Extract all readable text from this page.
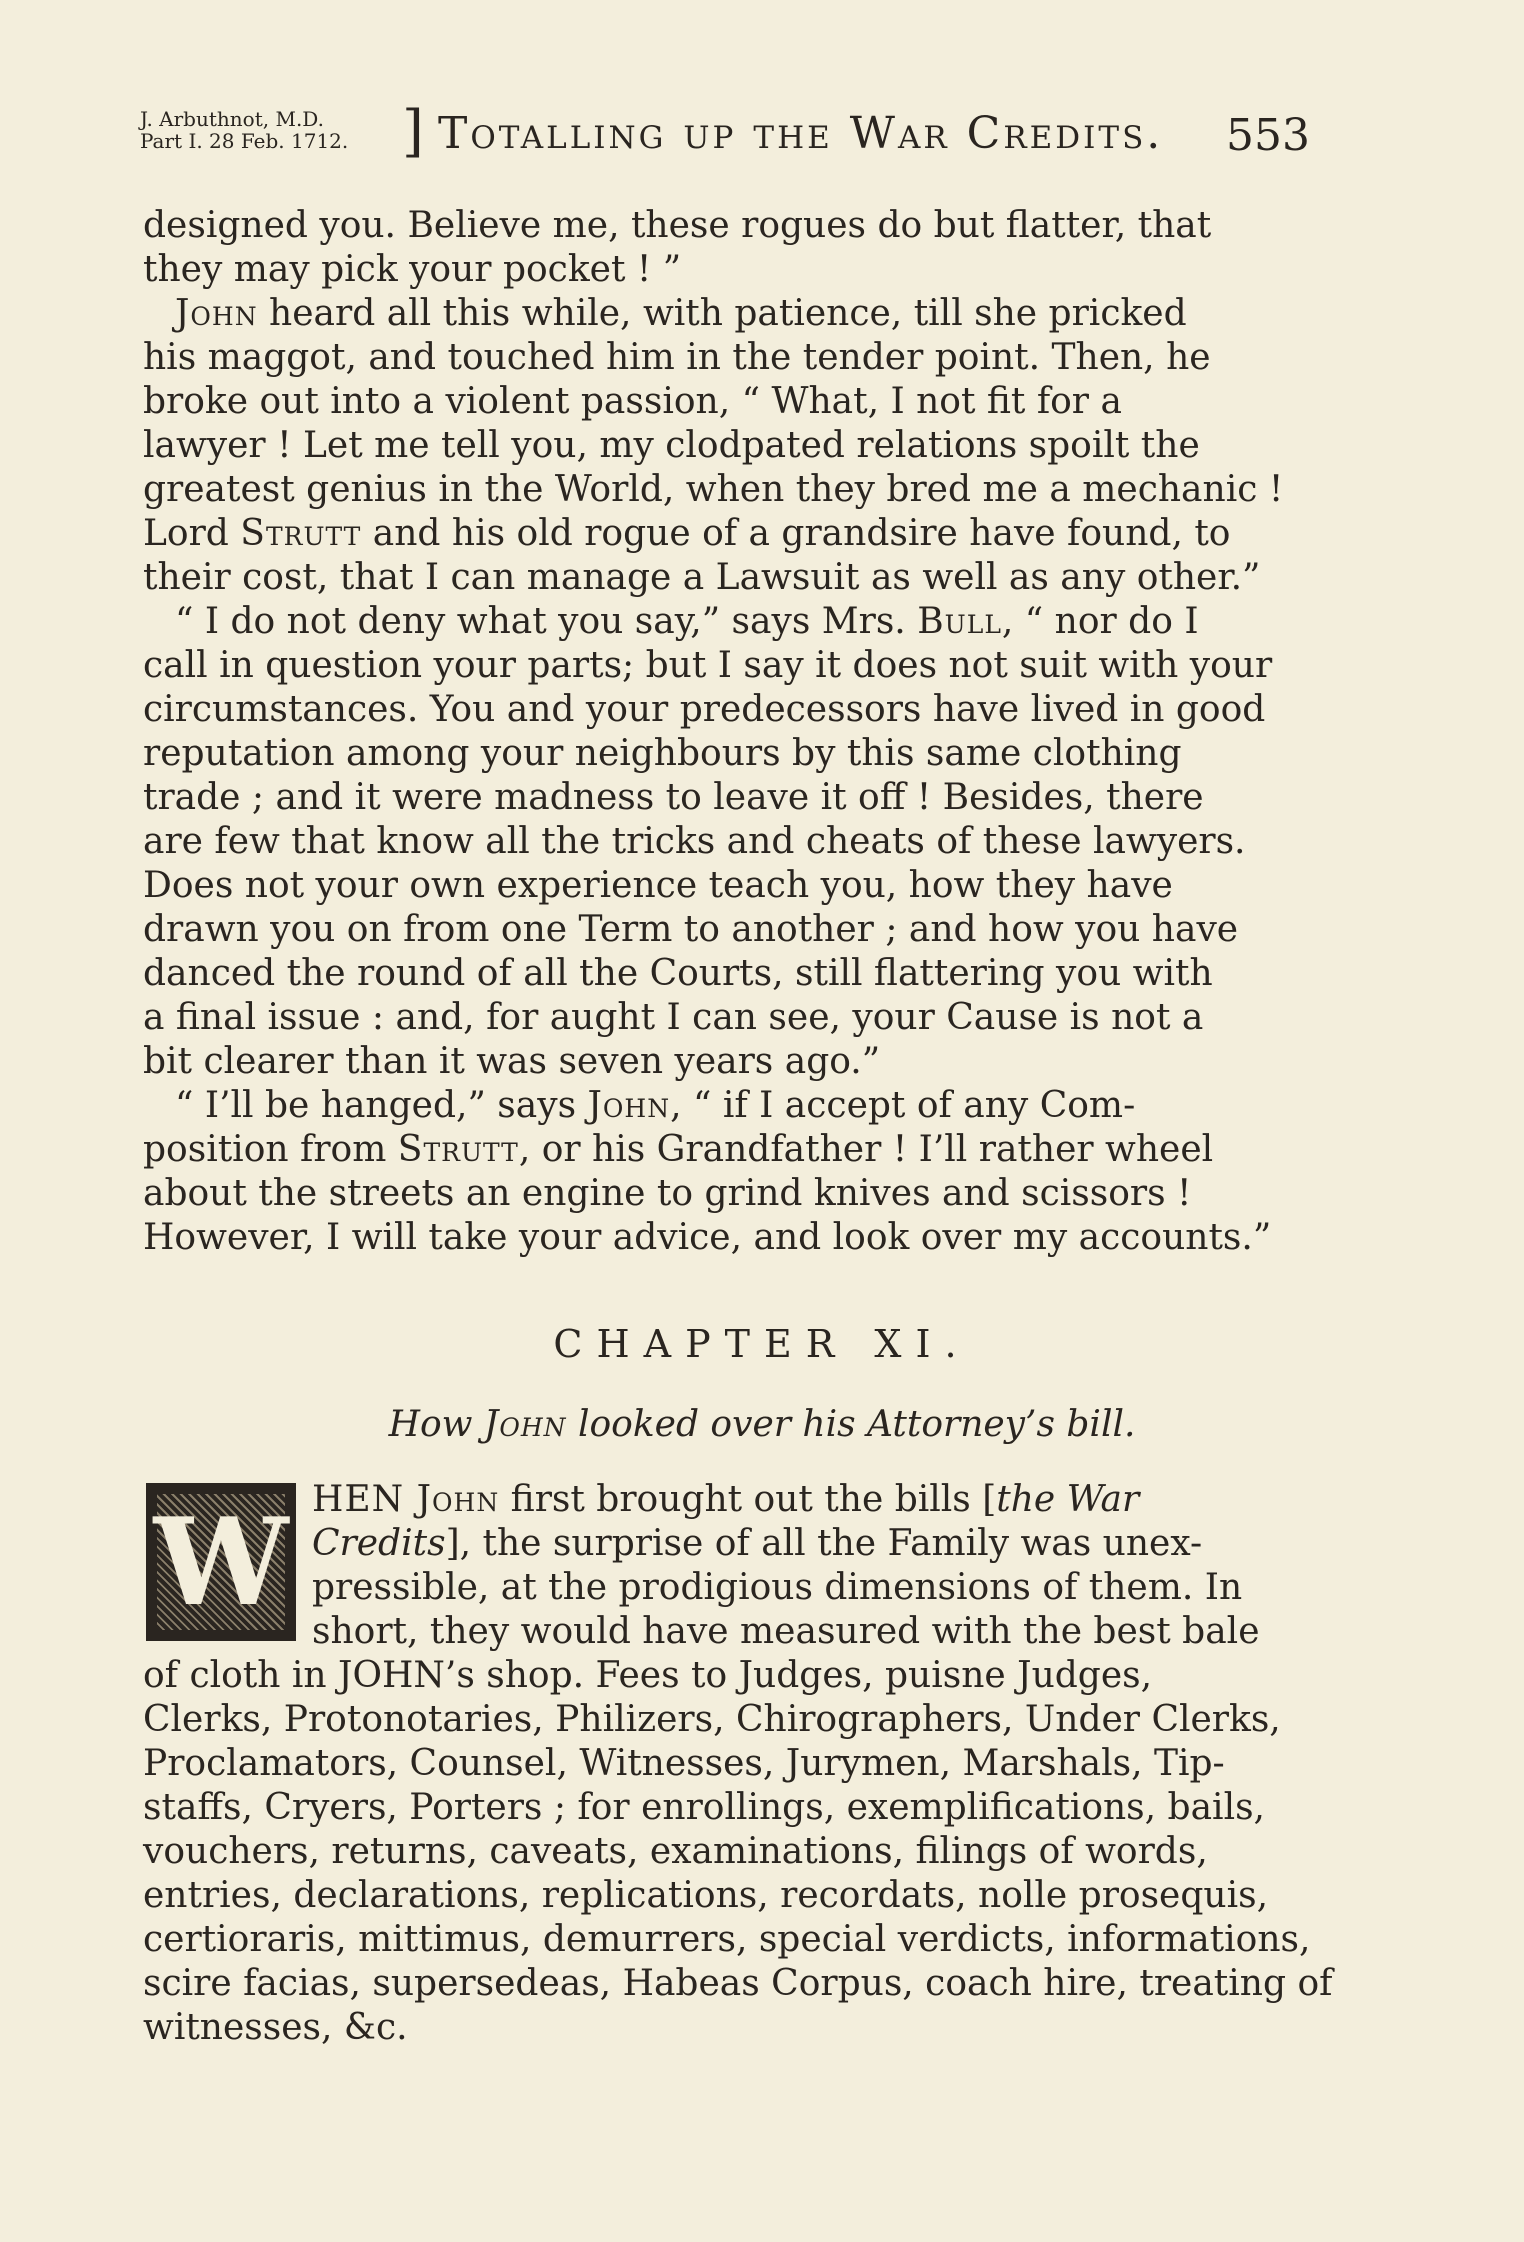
J. Arbuthnot, M.D.
Part I. 28 Feb. 1712. ] Totalling up the War Credits. 553
designed you. Believe me, these rogues do but flatter, that
they may pick your pocket ! ”
John heard all this while, with patience, till she pricked
his maggot, and touched him in the tender point. Then, he
broke out into a violent passion, “ What, I not fit for a
lawyer ! Let me tell you, my clodpated relations spoilt the
greatest genius in the World, when they bred me a mechanic !
Lord Strutt and his old rogue of a grandsire have found, to
their cost, that I can manage a Lawsuit as well as any other.”
“ I do not deny what you say,” says Mrs. Bull, “ nor do I
call in question your parts; but I say it does not suit with your
circumstances. You and your predecessors have lived in good
reputation among your neighbours by this same clothing
trade ; and it were madness to leave it off ! Besides, there
are few that know all the tricks and cheats of these lawyers.
Does not your own experience teach you, how they have
drawn you on from one Term to another ; and how you have
danced the round of all the Courts, still flattering you with
a final issue : and, for aught I can see, your Cause is not a
bit clearer than it was seven years ago.”
“ I’ll be hanged,” says John, “ if I accept of any Com-
position from Strutt, or his Grandfather ! I’ll rather wheel
about the streets an engine to grind knives and scissors !
However, I will take your advice, and look over my accounts.”
CHAPTER XI.
How John looked over his Attorney’s bill.
W HEN John first brought out the bills [the War
Credits], the surprise of all the Family was unex-
pressible, at the prodigious dimensions of them. In
short, they would have measured with the best bale
of cloth in JOHN’s shop. Fees to Judges, puisne Judges,
Clerks, Protonotaries, Philizers, Chirographers, Under Clerks,
Proclamators, Counsel, Witnesses, Jurymen, Marshals, Tip-
staffs, Cryers, Porters ; for enrollings, exemplifications, bails,
vouchers, returns, caveats, examinations, filings of words,
entries, declarations, replications, recordats, nolle prosequis,
certioraris, mittimus, demurrers, special verdicts, informations,
scire facias, supersedeas, Habeas Corpus, coach hire, treating of
witnesses, &c.
